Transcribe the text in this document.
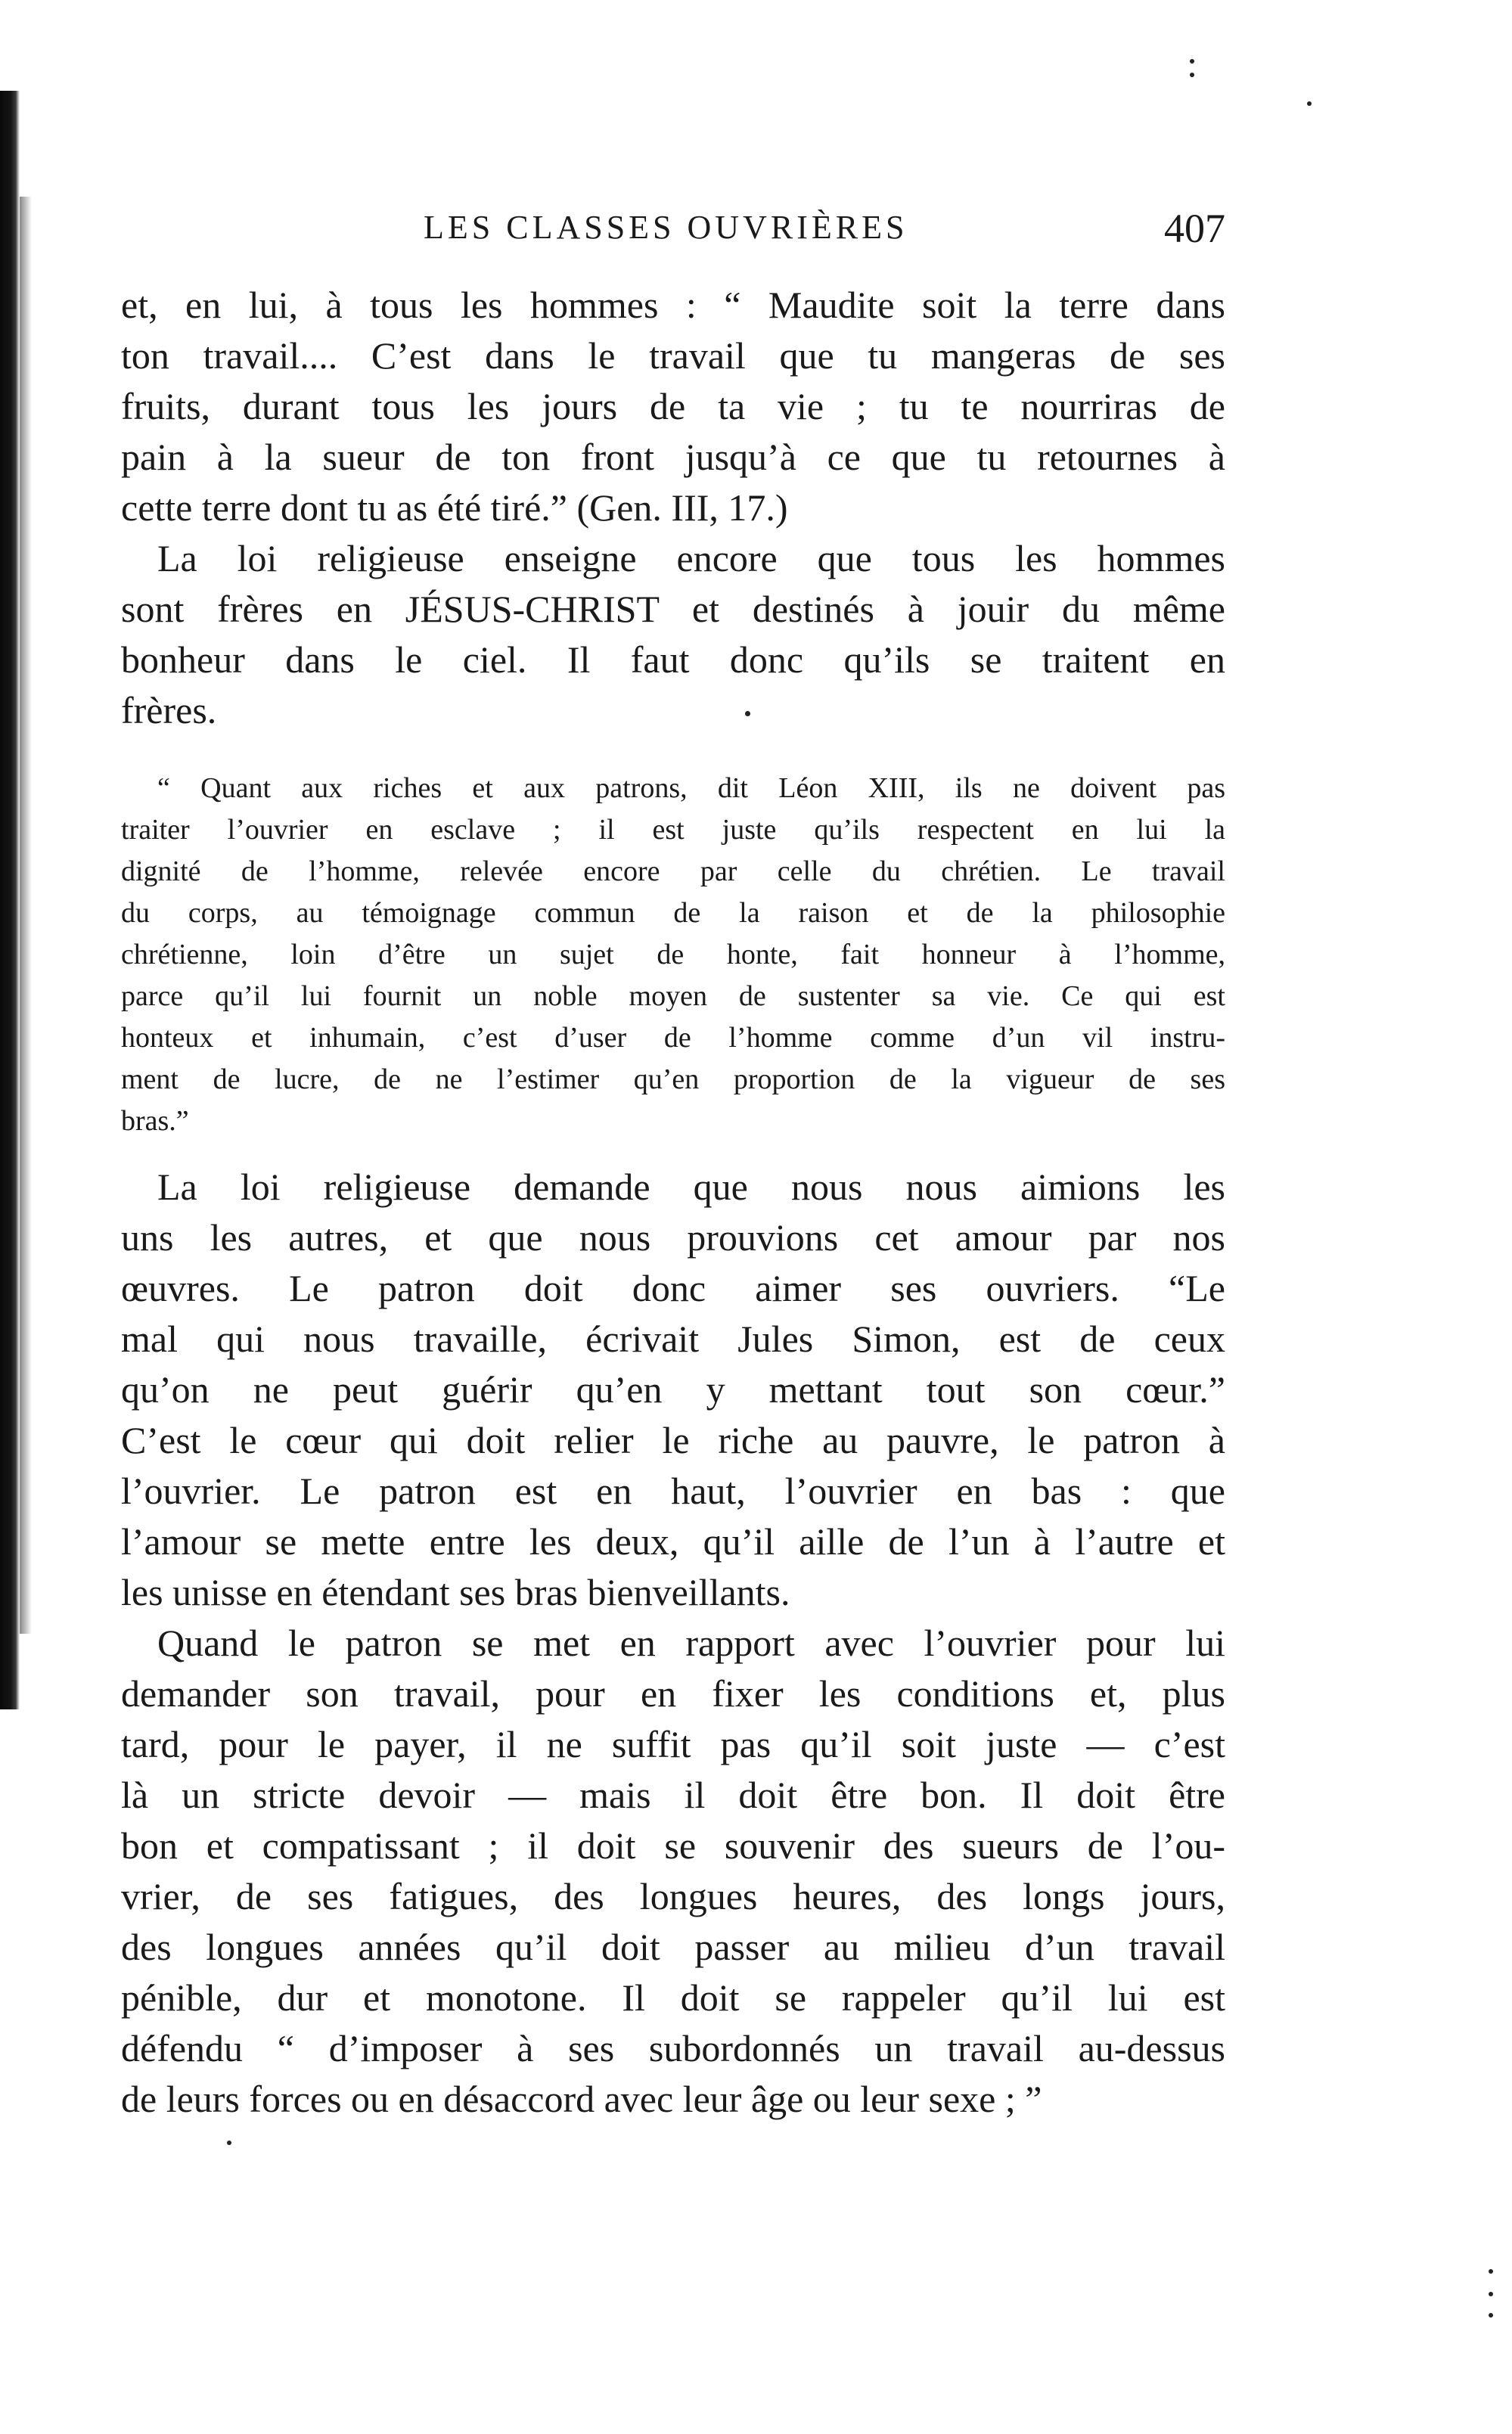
LES CLASSES OUVRIÈRES	407
et, en lui, à tous les hommes : “ Maudite soit la terre dans
ton travail.... C’est dans le travail que tu mangeras de ses
fruits, durant tous les jours de ta vie ; tu te nourriras de
pain à la sueur de ton front jusqu’à ce que tu retournes à
cette terre dont tu as été tiré.” (Gen. III, 17.)
La loi religieuse enseigne encore que tous les hommes
sont frères en JÉSUS-CHRIST et destinés à jouir du même
bonheur dans le ciel. Il faut donc qu’ils se traitent en
frères.
“ Quant aux riches et aux patrons, dit Léon XIII, ils ne doivent pas
traiter l’ouvrier en esclave ; il est juste qu’ils respectent en lui la
dignité de l’homme, relevée encore par celle du chrétien. Le travail
du corps, au témoignage commun de la raison et de la philosophie
chrétienne, loin d’être un sujet de honte, fait honneur à l’homme,
parce qu’il lui fournit un noble moyen de sustenter sa vie. Ce qui est
honteux et inhumain, c’est d’user de l’homme comme d’un vil instru-
ment de lucre, de ne l’estimer qu’en proportion de la vigueur de ses
bras.”
La loi religieuse demande que nous nous aimions les
uns les autres, et que nous prouvions cet amour par nos
œuvres. Le patron doit donc aimer ses ouvriers. “Le
mal qui nous travaille, écrivait Jules Simon, est de ceux
qu’on ne peut guérir qu’en y mettant tout son cœur.”
C’est le cœur qui doit relier le riche au pauvre, le patron à
l’ouvrier. Le patron est en haut, l’ouvrier en bas : que
l’amour se mette entre les deux, qu’il aille de l’un à l’autre et
les unisse en étendant ses bras bienveillants.
Quand le patron se met en rapport avec l’ouvrier pour lui
demander son travail, pour en fixer les conditions et, plus
tard, pour le payer, il ne suffit pas qu’il soit juste — c’est
là un stricte devoir — mais il doit être bon. Il doit être
bon et compatissant ; il doit se souvenir des sueurs de l’ou-
vrier, de ses fatigues, des longues heures, des longs jours,
des longues années qu’il doit passer au milieu d’un travail
pénible, dur et monotone. Il doit se rappeler qu’il lui est
défendu “ d’imposer à ses subordonnés un travail au-dessus
de leurs forces ou en désaccord avec leur âge ou leur sexe ; ”
